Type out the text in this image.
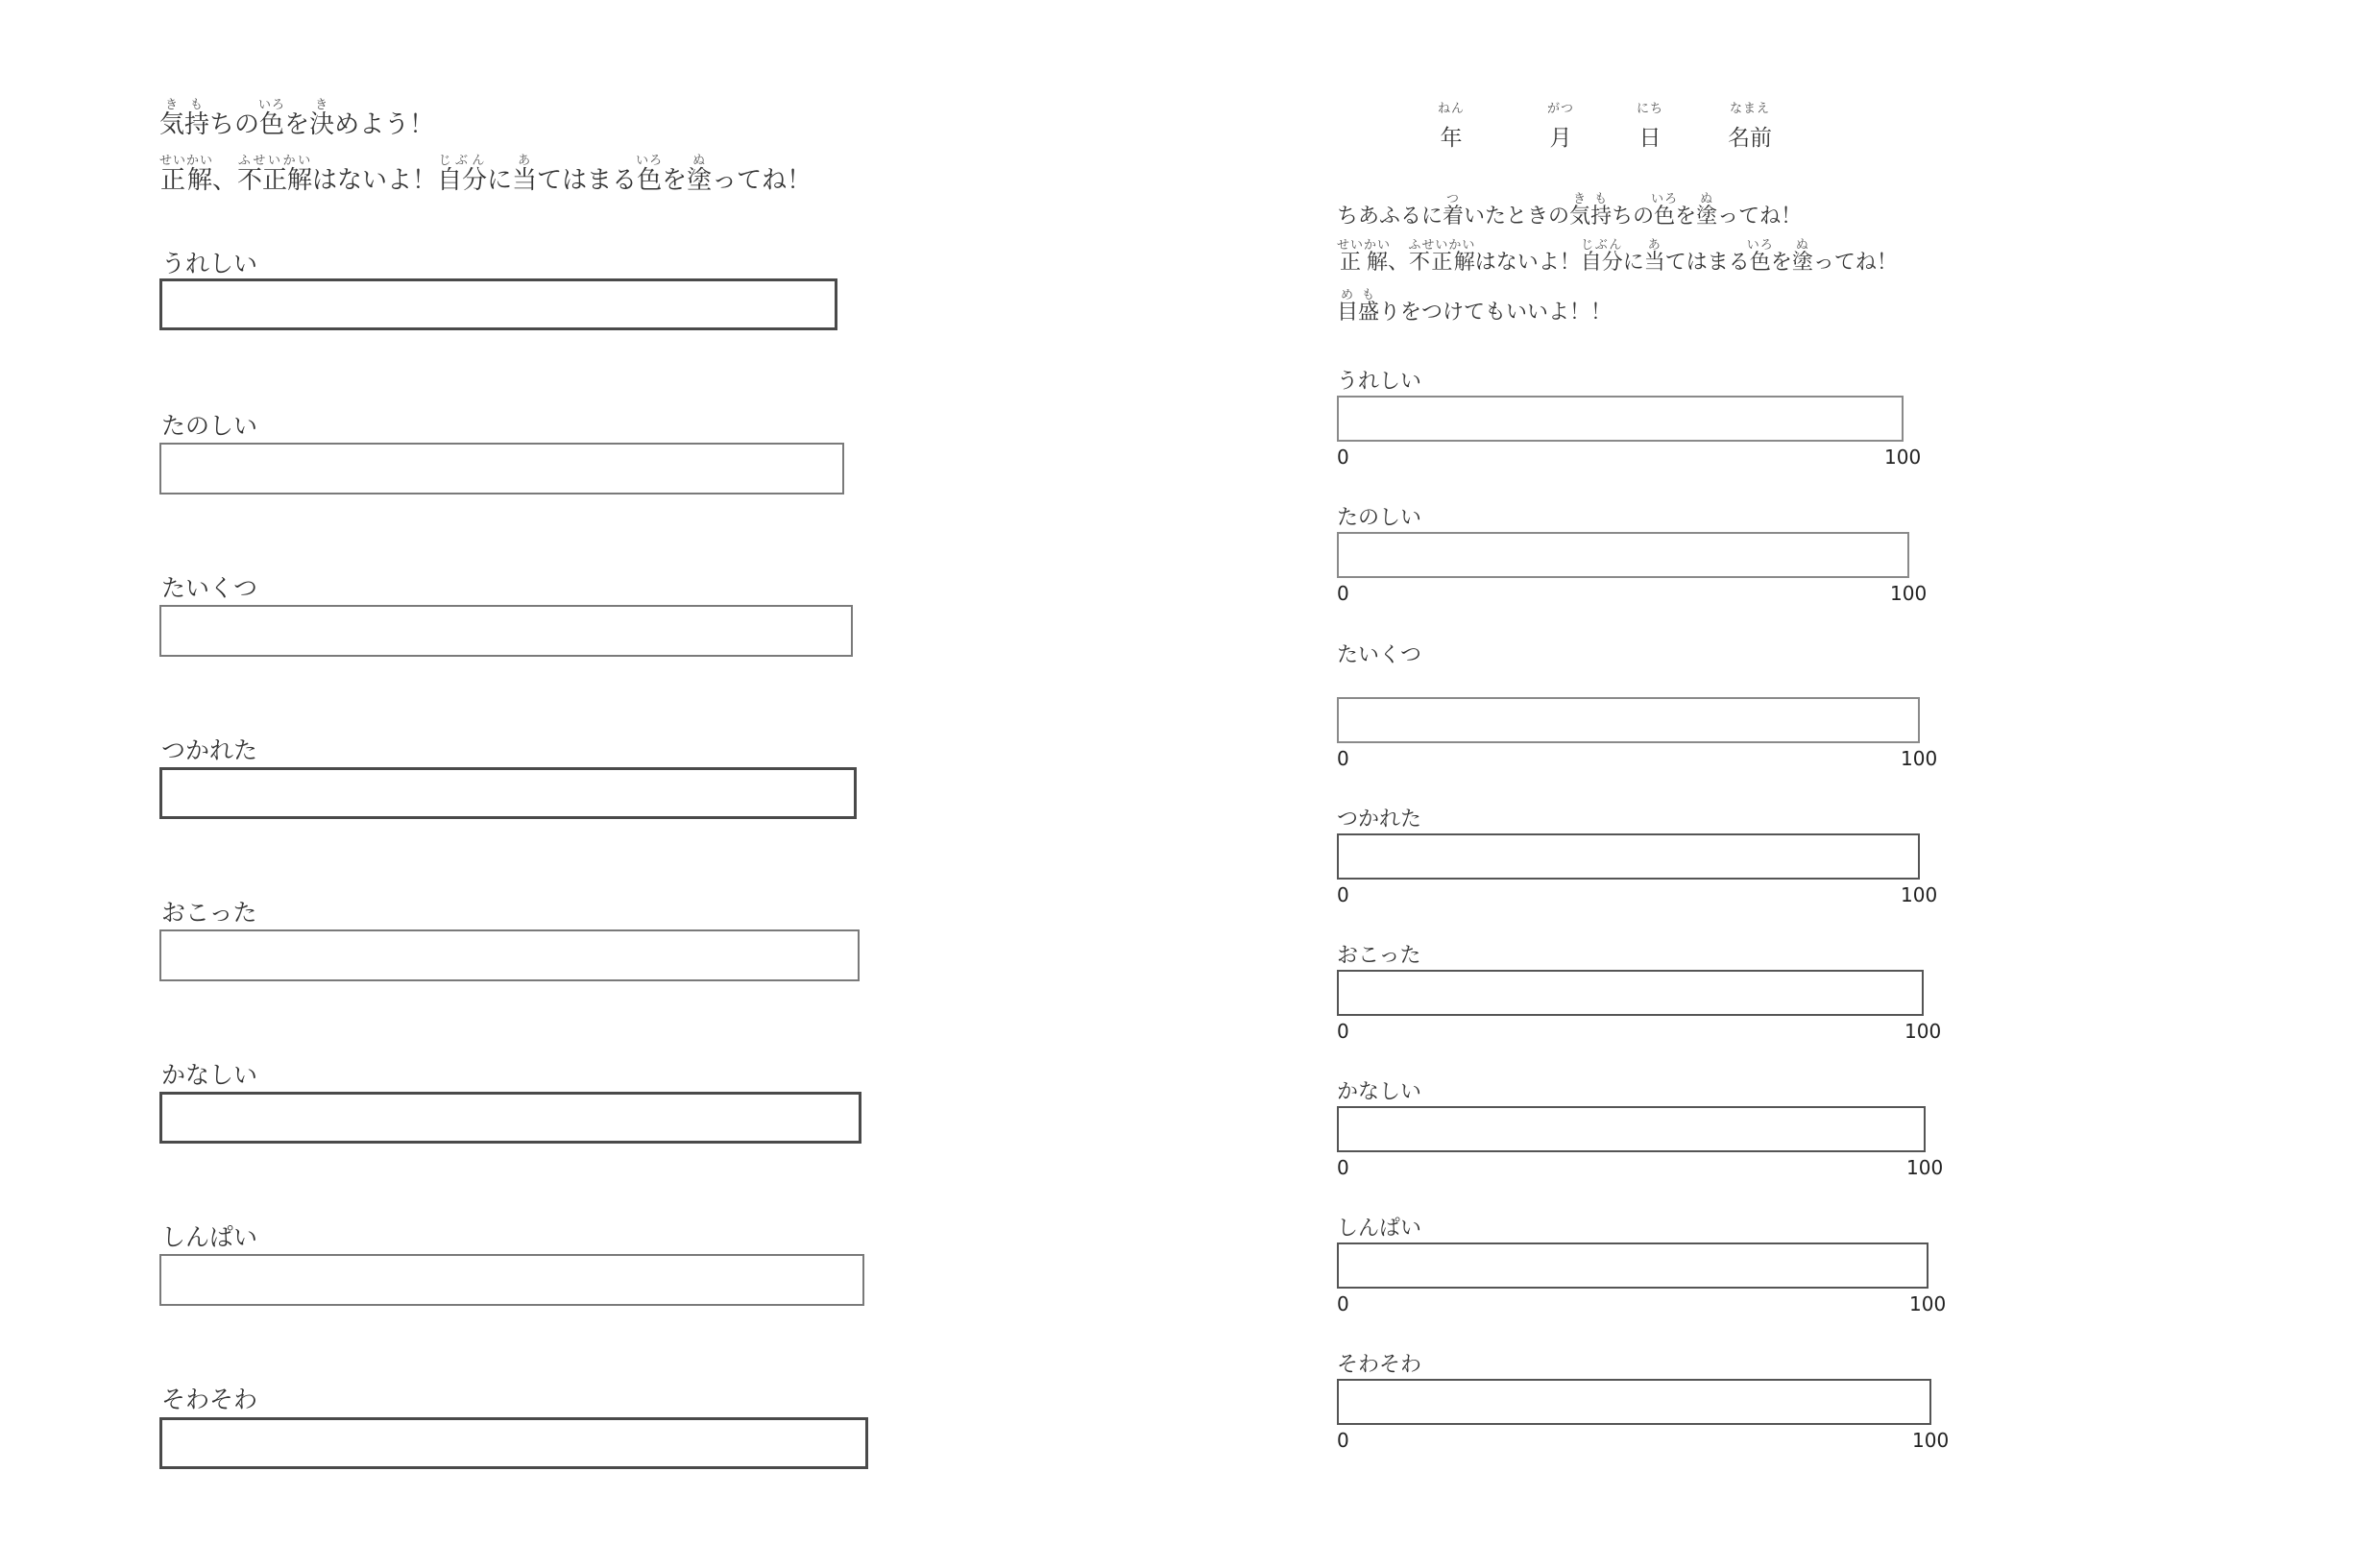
気き持もちの色いろを決きめよう！
正解せいかい、不正解ふせいかいはないよ！自分じぶんに当あてはまる色いろを塗ぬってね！
うれしい
たのしい
たいくつ
つかれた
おこった
かなしい
しんぱい
そわそわ
ねん
年
がつ
月
にち
日
なまえ
名前
ちあふるに着ついたときの気き持もちの色いろを塗ぬってね！
正解せいかい、不正解ふせいかいはないよ！自分じぶんに当あてはまる色いろを塗ぬってね！
目め盛もりをつけてもいいよ！！
うれしい
0	100
たのしい
0	100
たいくつ
0	100
つかれた
0	100
おこった
0	100
かなしい
0	100
しんぱい
0	100
そわそわ
0	100
